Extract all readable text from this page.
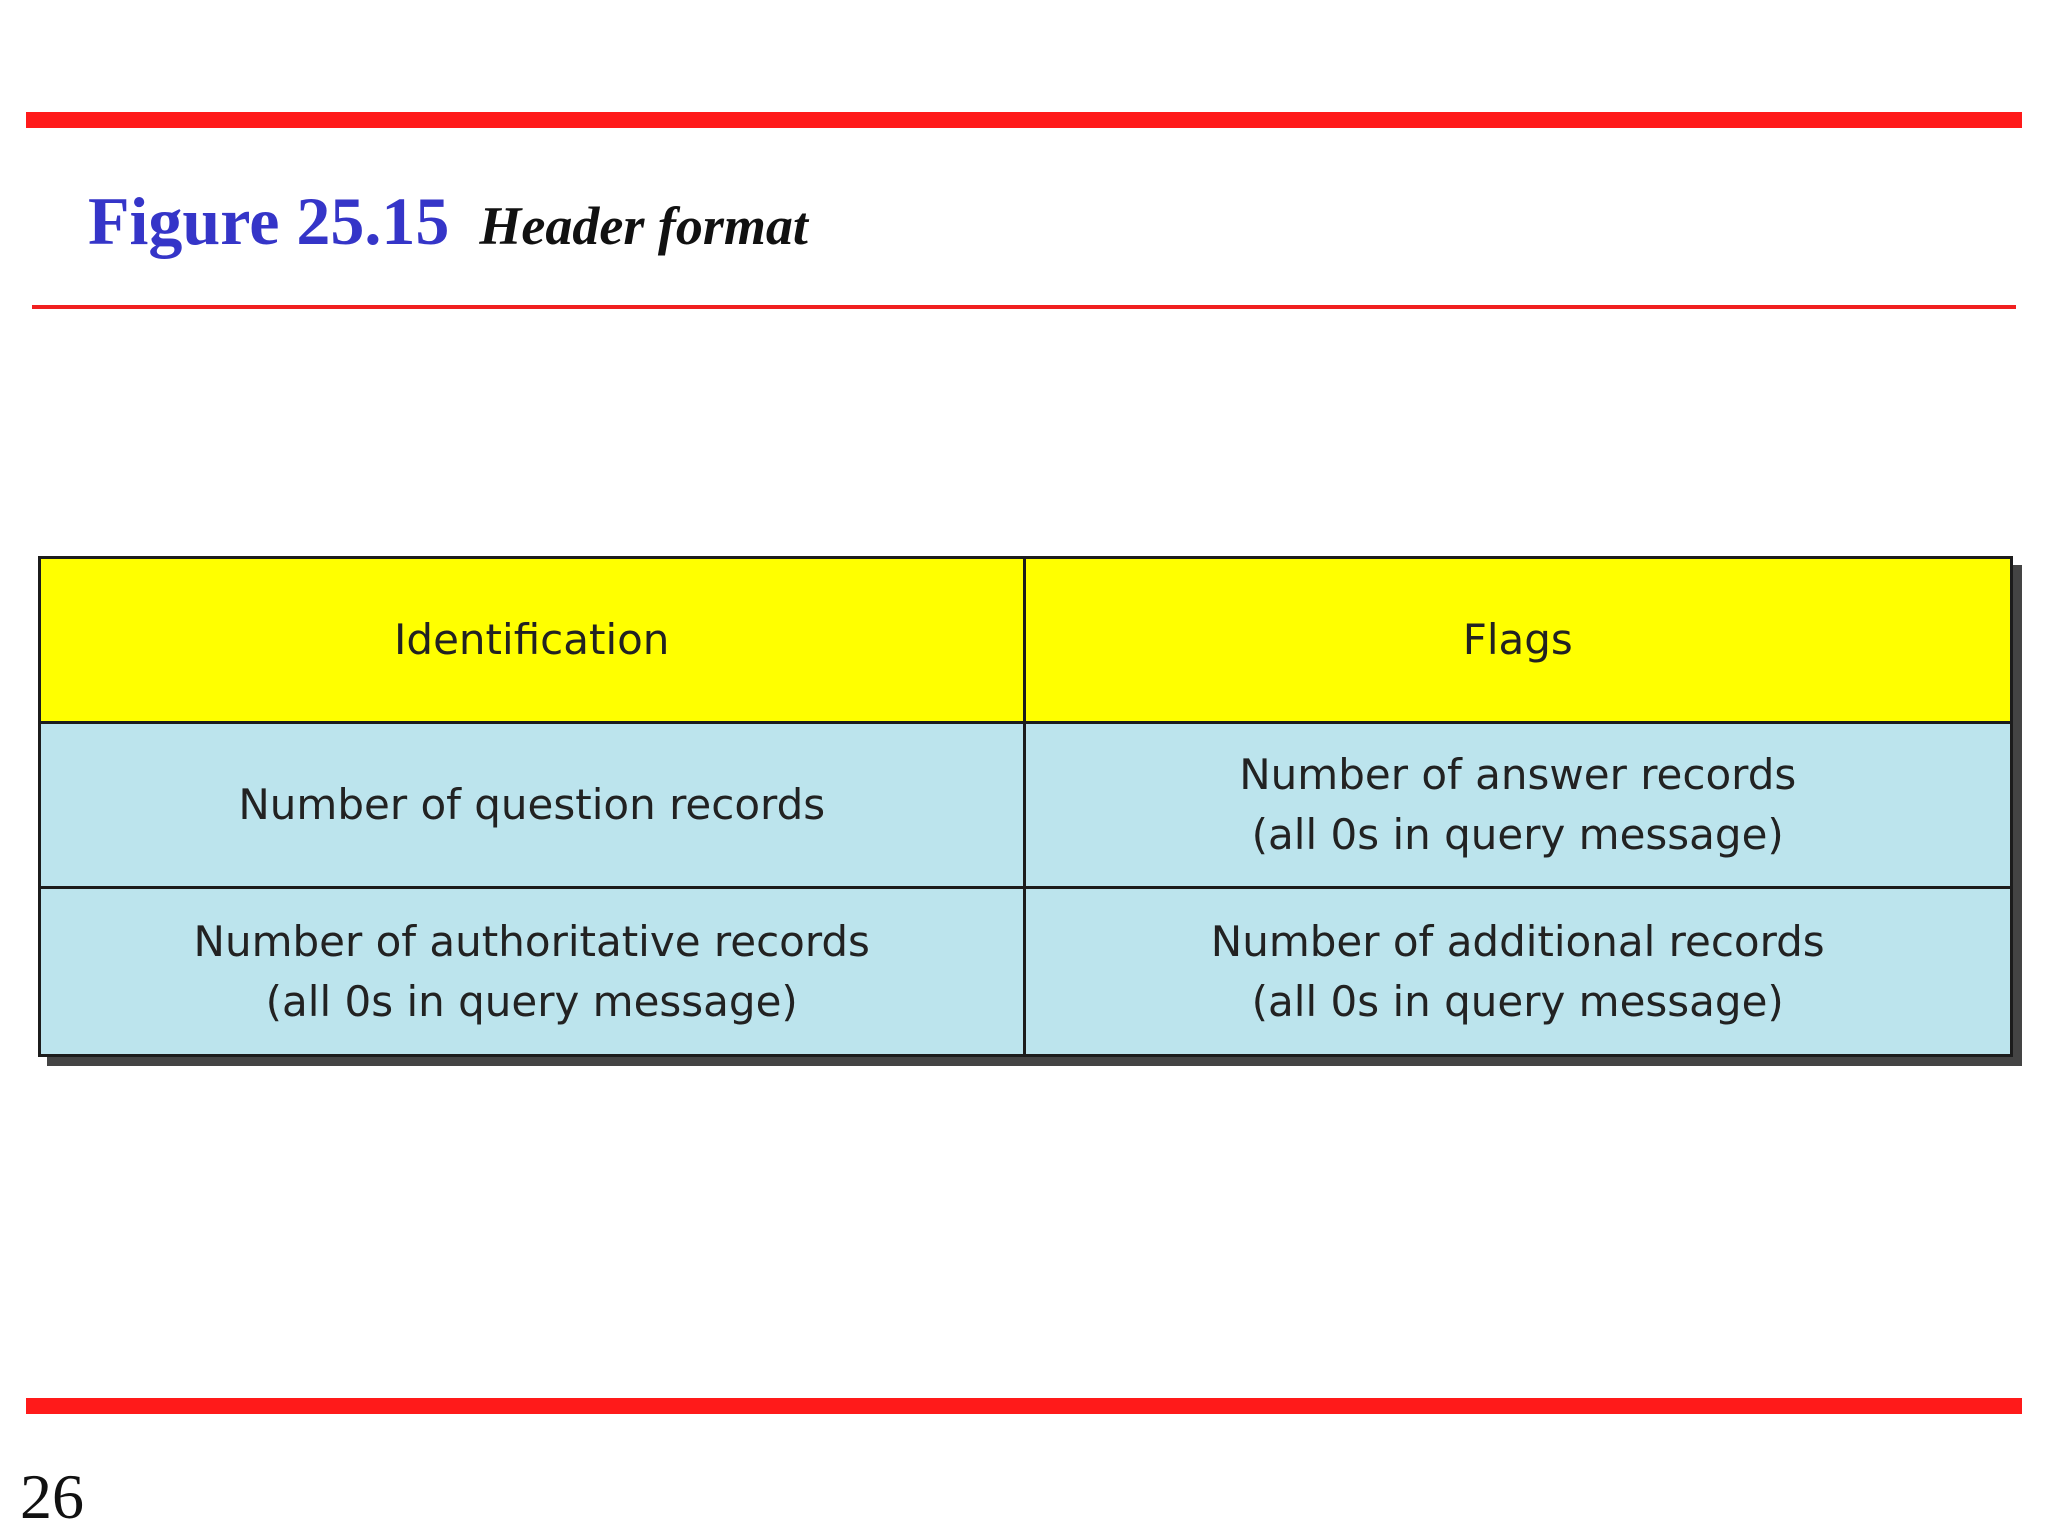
Figure 25.15 Header format
Identification	Flags
Number of question records
Number of answer records
(all 0s in query message)
Number of authoritative records
(all 0s in query message)
Number of additional records
(all 0s in query message)
26
